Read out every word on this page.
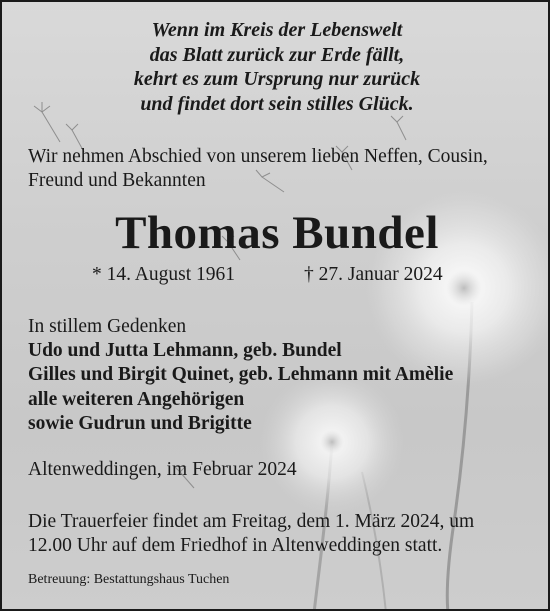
Wenn im Kreis der Lebenswelt
das Blatt zurück zur Erde fällt,
kehrt es zum Ursprung nur zurück
und findet dort sein stilles Glück.
Wir nehmen Abschied von unserem lieben Neffen, Cousin,
Freund und Bekannten
Thomas Bundel
* 14. August 1961	† 27. Januar 2024
In stillem Gedenken
Udo und Jutta Lehmann, geb. Bundel
Gilles und Birgit Quinet, geb. Lehmann mit Amèlie
alle weiteren Angehörigen
sowie Gudrun und Brigitte
Altenweddingen, im Februar 2024
Die Trauerfeier findet am Freitag, dem 1. März 2024, um
12.00 Uhr auf dem Friedhof in Altenweddingen statt.
Betreuung: Bestattungshaus Tuchen
